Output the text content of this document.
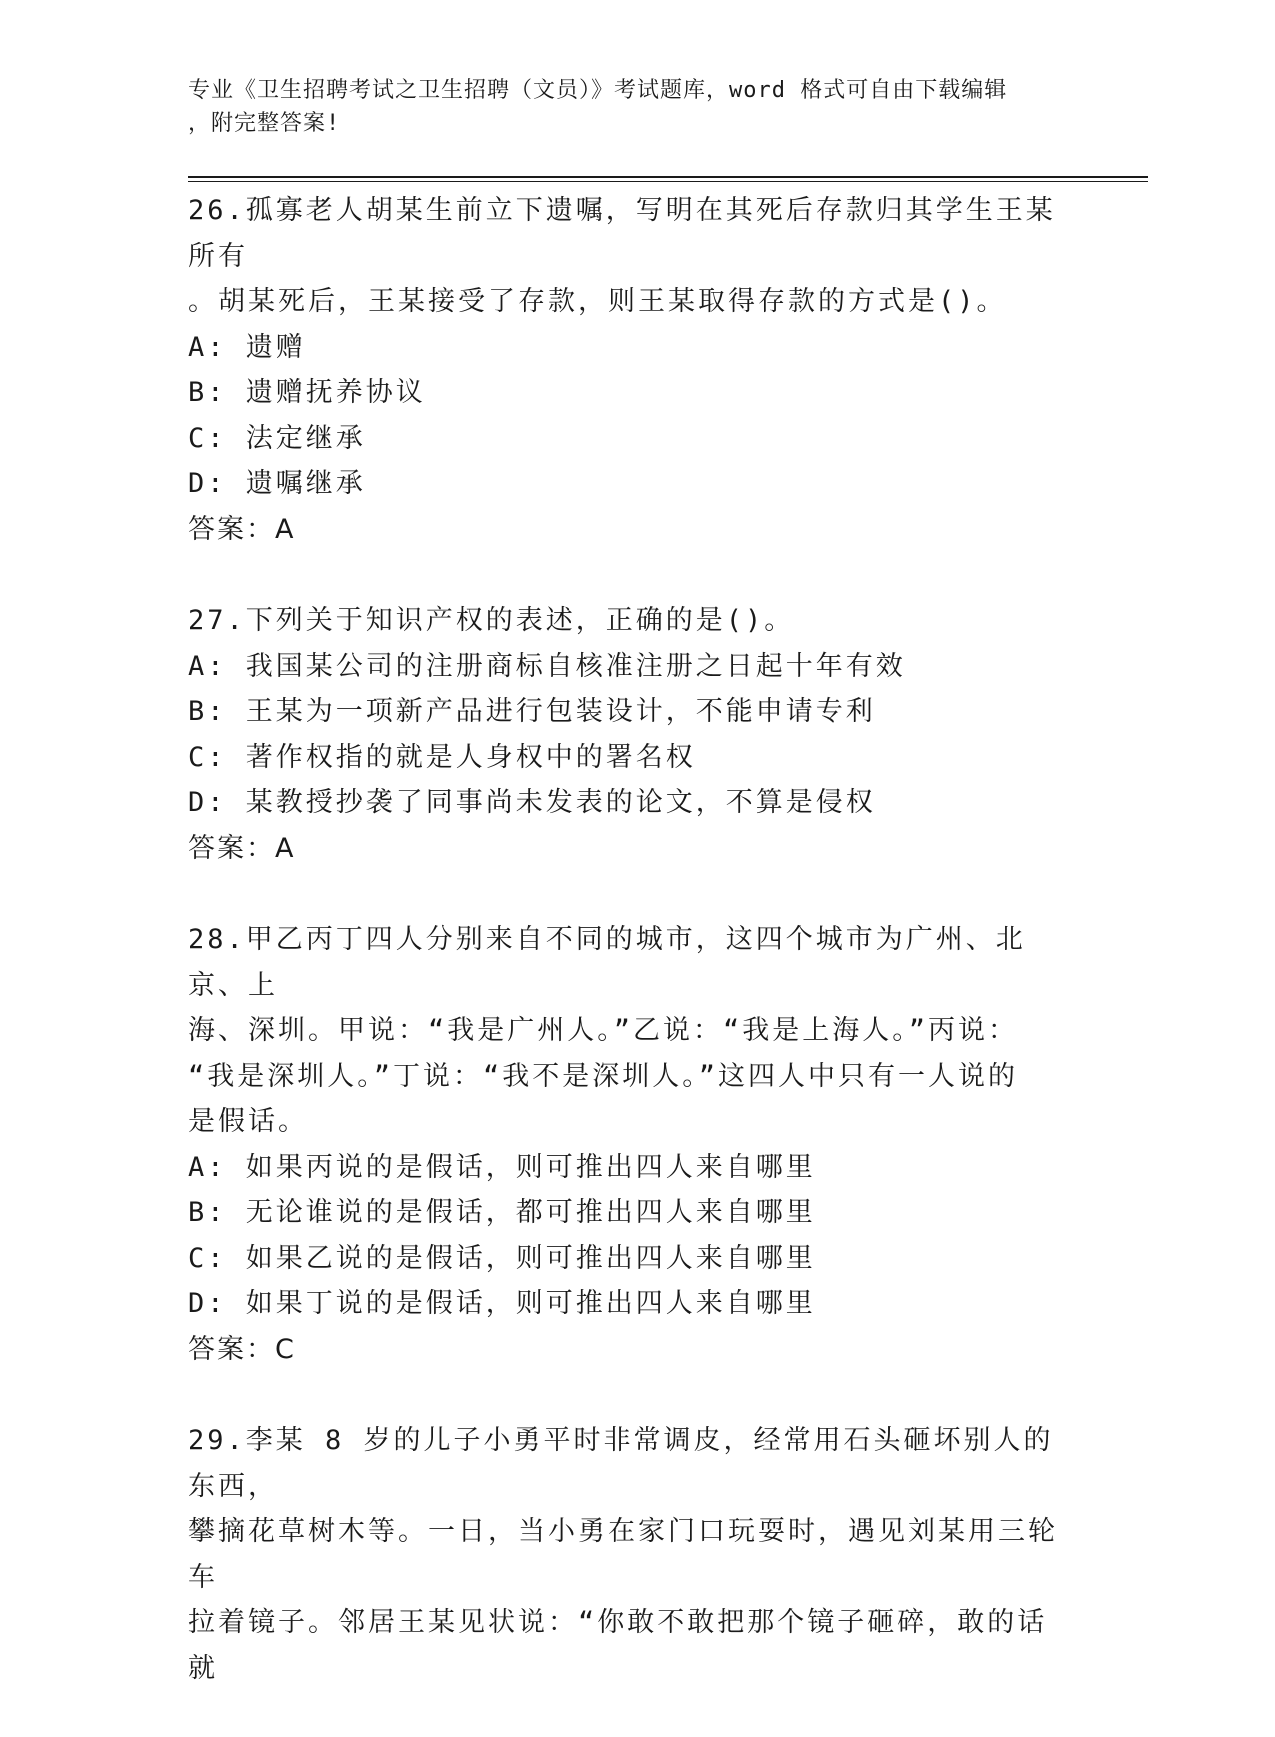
专业《卫生招聘考试之卫生招聘（文员）》考试题库，word 格式可自由下载编辑
，附完整答案!
26.孤寡老人胡某生前立下遗嘱，写明在其死后存款归其学生王某所有
。胡某死后，王某接受了存款，则王某取得存款的方式是()。
A: 遗赠
B: 遗赠抚养协议
C: 法定继承
D: 遗嘱继承
答案：A
27.下列关于知识产权的表述，正确的是()。
A: 我国某公司的注册商标自核准注册之日起十年有效
B: 王某为一项新产品进行包装设计，不能申请专利
C: 著作权指的就是人身权中的署名权
D: 某教授抄袭了同事尚未发表的论文，不算是侵权
答案：A
28.甲乙丙丁四人分别来自不同的城市，这四个城市为广州、北京、上
海、深圳。甲说：“我是广州人。”乙说：“我是上海人。”丙说：
“我是深圳人。”丁说：“我不是深圳人。”这四人中只有一人说的
是假话。
A: 如果丙说的是假话，则可推出四人来自哪里
B: 无论谁说的是假话，都可推出四人来自哪里
C: 如果乙说的是假话，则可推出四人来自哪里
D: 如果丁说的是假话，则可推出四人来自哪里
答案：C
29.李某 8 岁的儿子小勇平时非常调皮，经常用石头砸坏别人的东西，
攀摘花草树木等。一日，当小勇在家门口玩耍时，遇见刘某用三轮车
拉着镜子。邻居王某见状说：“你敢不敢把那个镜子砸碎，敢的话就
